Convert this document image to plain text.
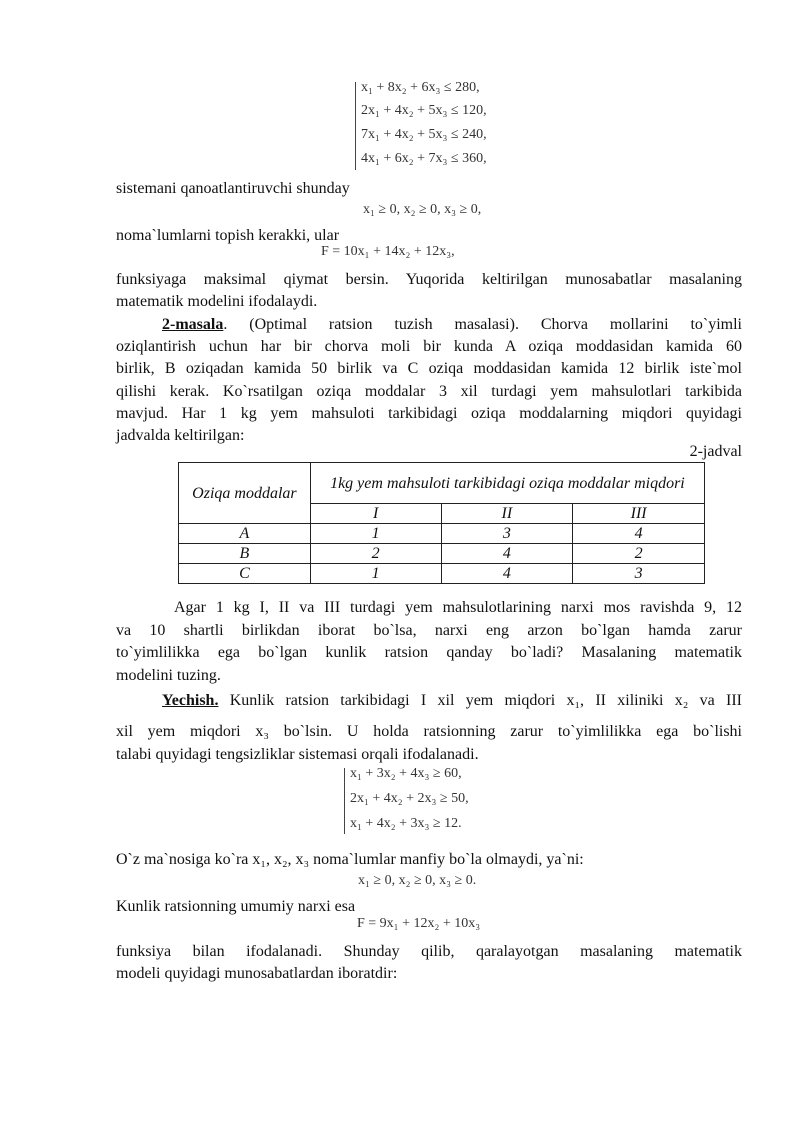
x₁ + 8x₂ + 6x₃ ≤ 280,
2x₁ + 4x₂ + 5x₃ ≤ 120,
7x₁ + 4x₂ + 5x₃ ≤ 240,
4x₁ + 6x₂ + 7x₃ ≤ 360,
sistemani qanoatlantiruvchi shunday
x₁ ≥ 0, x₂ ≥ 0, x₃ ≥ 0,
noma`lumlarni topish kerakki, ular
F = 10x₁ + 14x₂ + 12x₃,
funksiyaga maksimal qiymat bersin. Yuqorida keltirilgan munosabatlar masalaning
matematik modelini ifodalaydi.
2-masala. (Optimal ratsion tuzish masalasi). Chorva mollarini to`yimli
oziqlantirish uchun har bir chorva moli bir kunda A oziqa moddasidan kamida 60
birlik, B oziqadan kamida 50 birlik va C oziqa moddasidan kamida 12 birlik iste`mol
qilishi kerak. Ko`rsatilgan oziqa moddalar 3 xil turdagi yem mahsulotlari tarkibida
mavjud. Har 1 kg yem mahsuloti tarkibidagi oziqa moddalarning miqdori quyidagi
jadvalda keltirilgan:
2-jadval
Oziqa moddalar	1kg yem mahsuloti tarkibidagi oziqa moddalar miqdori		
	I	II	III
A	1	3	4
B	2	4	2
C	1	4	3
Agar 1 kg I, II va III turdagi yem mahsulotlarining narxi mos ravishda 9, 12
va 10 shartli birlikdan iborat bo`lsa, narxi eng arzon bo`lgan hamda zarur
to`yimlilikka ega bo`lgan kunlik ratsion qanday bo`ladi? Masalaning matematik
modelini tuzing.
Yechish. Kunlik ratsion tarkibidagi I xil yem miqdori x₁, II xiliniki x₂ va III
xil yem miqdori x₃ bo`lsin. U holda ratsionning zarur to`yimlilikka ega bo`lishi
talabi quyidagi tengsizliklar sistemasi orqali ifodalanadi.
x₁ + 3x₂ + 4x₃ ≥ 60,
2x₁ + 4x₂ + 2x₃ ≥ 50,
x₁ + 4x₂ + 3x₃ ≥ 12.
O`z ma`nosiga ko`ra x₁, x₂, x₃ noma`lumlar manfiy bo`la olmaydi, ya`ni:
x₁ ≥ 0, x₂ ≥ 0, x₃ ≥ 0.
Kunlik ratsionning umumiy narxi esa
F = 9x₁ + 12x₂ + 10x₃
funksiya bilan ifodalanadi. Shunday qilib, qaralayotgan masalaning matematik
modeli quyidagi munosabatlardan iboratdir:
